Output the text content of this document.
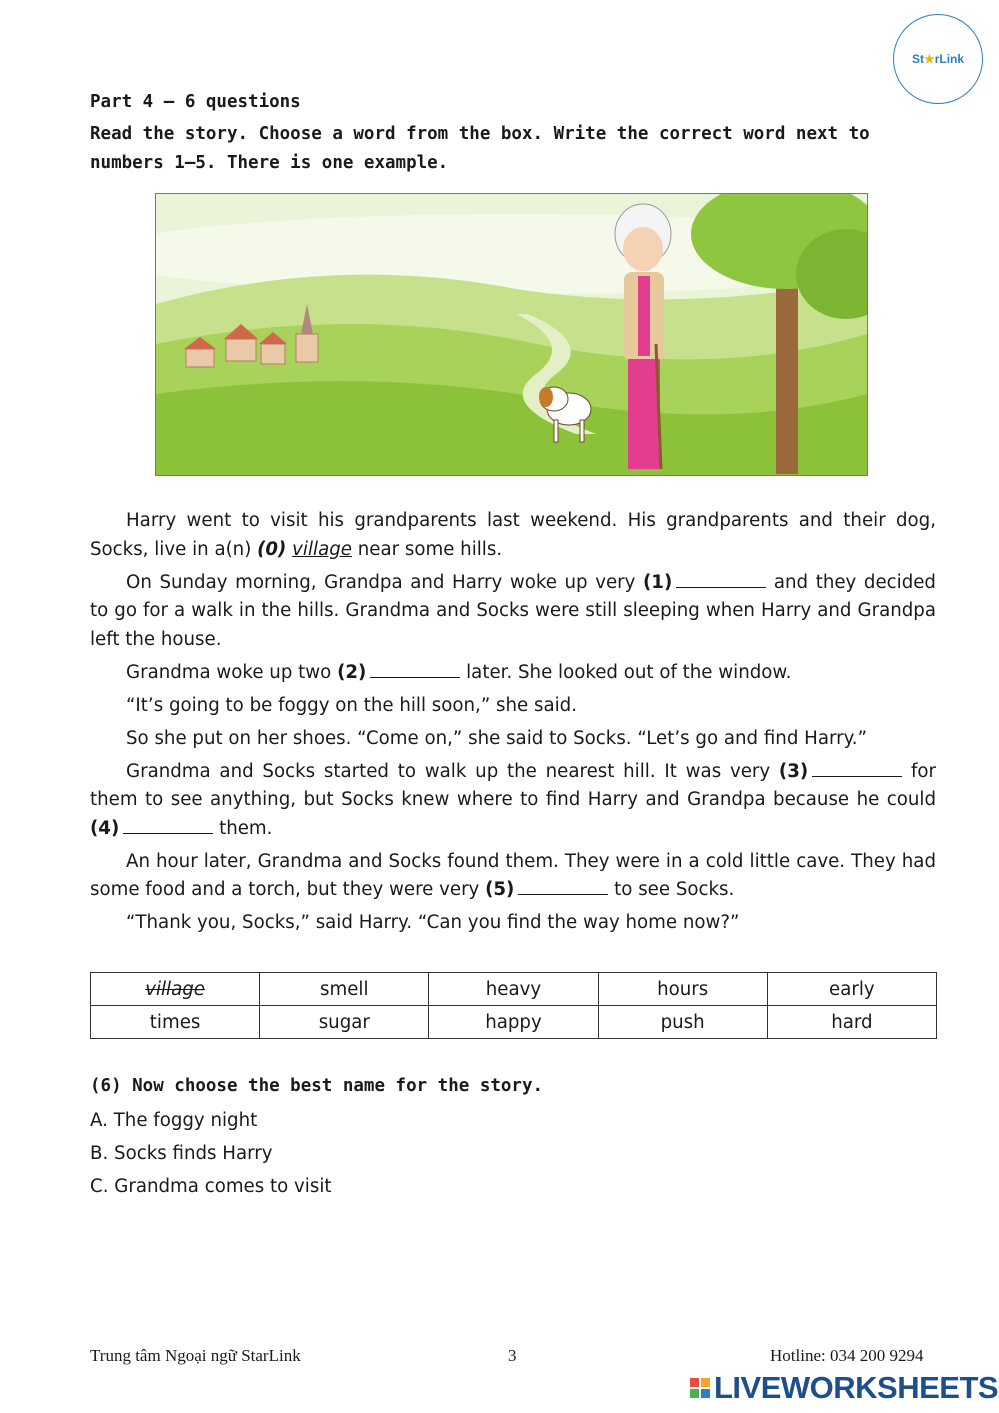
St ★ rLink
Part 4 – 6 questions
Read the story. Choose a word from the box. Write the correct word next to numbers 1–5. There is one example.

Harry went to visit his grandparents last weekend. His grandparents and their dog, Socks, live in a(n) (0) village near some hills.

On Sunday morning, Grandpa and Harry woke up very (1)	and they decided to go for a walk in the hills. Grandma and Socks were still sleeping when Harry and Grandpa left the house.

Grandma woke up two (2)	later. She looked out of the window.

“It’s going to be foggy on the hill soon,” she said.

So she put on her shoes. “Come on,” she said to Socks. “Let’s go and find Harry.”

Grandma and Socks started to walk up the nearest hill. It was very (3)	for them to see anything, but Socks knew where to find Harry and Grandpa because he could (4)	them.

An hour later, Grandma and Socks found them. They were in a cold little cave. They had some food and a torch, but they were very (5)	to see Socks.

“Thank you, Socks,” said Harry. “Can you find the way home now?”

village	smell	heavy	hours	early
times	sugar	happy	push	hard
(6) Now choose the best name for the story.
A. The foggy night
B. Socks finds Harry
C. Grandma comes to visit
Trung tâm Ngoại ngữ StarLink	3	Hotline: 034 200 9294
LIVEWORKSHEETS
